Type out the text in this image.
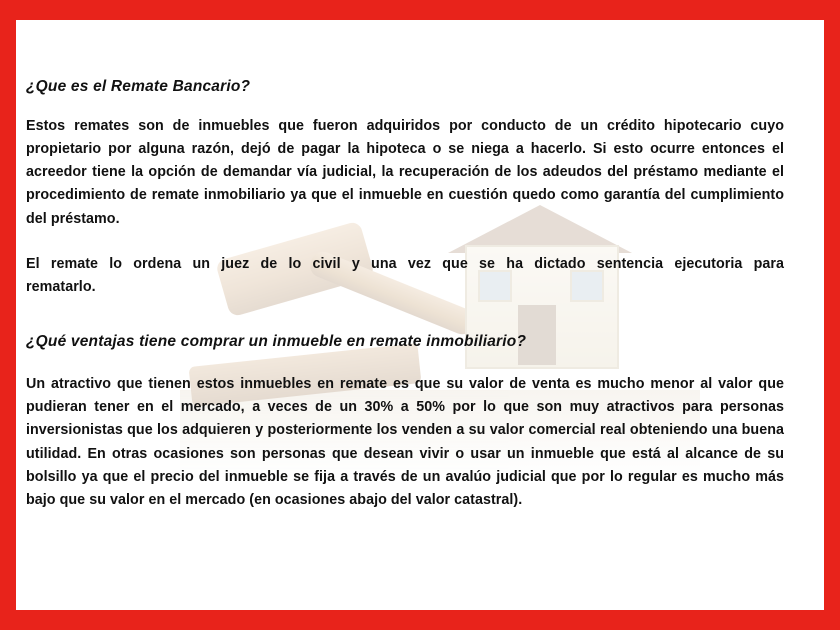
¿Que es el Remate Bancario?

Estos remates son de inmuebles que fueron adquiridos por conducto de un crédito hipotecario cuyo propietario por alguna razón, dejó de pagar la hipoteca o se niega a hacerlo. Si esto ocurre entonces el acreedor tiene la opción de demandar vía judicial, la recuperación de los adeudos del préstamo mediante el procedimiento de remate inmobiliario ya que el inmueble en cuestión quedo como garantía del cumplimiento del préstamo.

El remate lo ordena un juez de lo civil y una vez que se ha dictado sentencia ejecutoria para rematarlo.

¿Qué ventajas tiene comprar un inmueble en remate inmobiliario?

Un atractivo que tienen estos inmuebles en remate es que su valor de venta es mucho menor al valor que pudieran tener en el mercado, a veces de un 30% a 50% por lo que son muy atractivos para personas inversionistas que los adquieren y posteriormente los venden a su valor comercial real obteniendo una buena utilidad. En otras ocasiones son personas que desean vivir o usar un inmueble que está al alcance de su bolsillo ya que el precio del inmueble se fija a través de un avalúo judicial que por lo regular es mucho más bajo que su valor en el mercado (en ocasiones abajo del valor catastral).
